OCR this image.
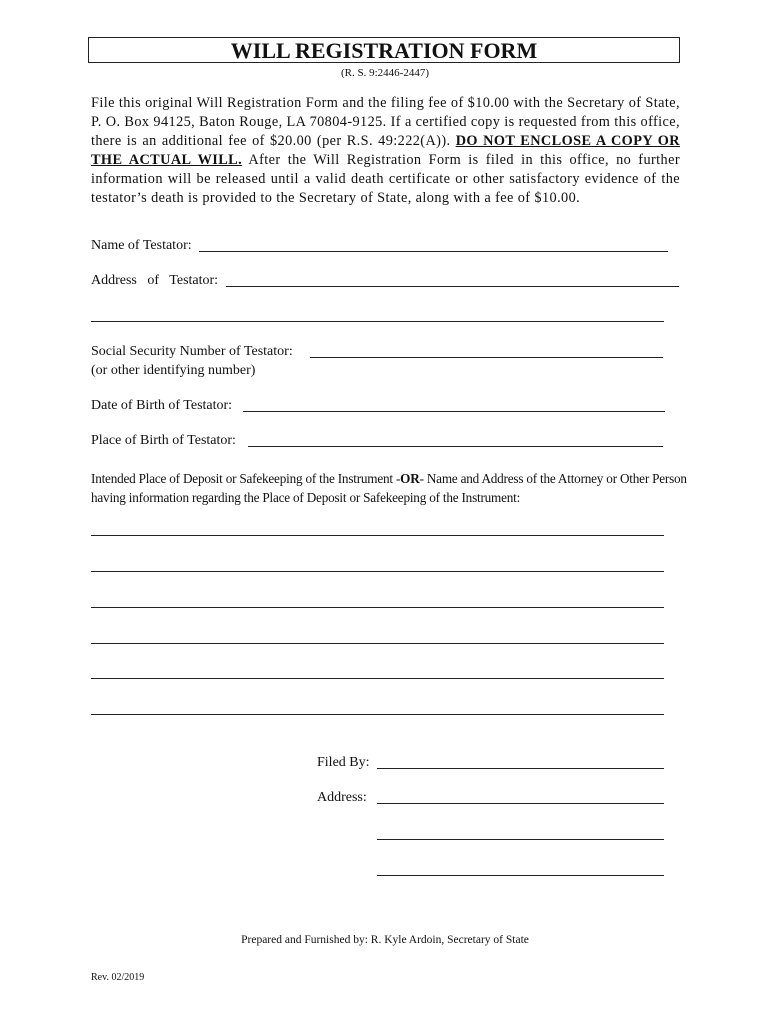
WILL REGISTRATION FORM
(R. S. 9:2446-2447)
File this original Will Registration Form and the filing fee of $10.00 with the Secretary of State, P. O. Box 94125, Baton Rouge, LA 70804-9125. If a certified copy is requested from this office, there is an additional fee of $20.00 (per R.S. 49:222(A)). DO NOT ENCLOSE A COPY OR THE ACTUAL WILL. After the Will Registration Form is filed in this office, no further information will be released until a valid death certificate or other satisfactory evidence of the testator’s death is provided to the Secretary of State, along with a fee of $10.00.
Name of Testator:
Address   of   Testator:
Social Security Number of Testator:
(or other identifying number)
Date of Birth of Testator:
Place of Birth of Testator:
Intended Place of Deposit or Safekeeping of the Instrument -OR- Name and Address of the Attorney or Other Person having information regarding the Place of Deposit or Safekeeping of the Instrument:
Filed By:
Address:
Prepared and Furnished by: R. Kyle Ardoin, Secretary of State
Rev. 02/2019
